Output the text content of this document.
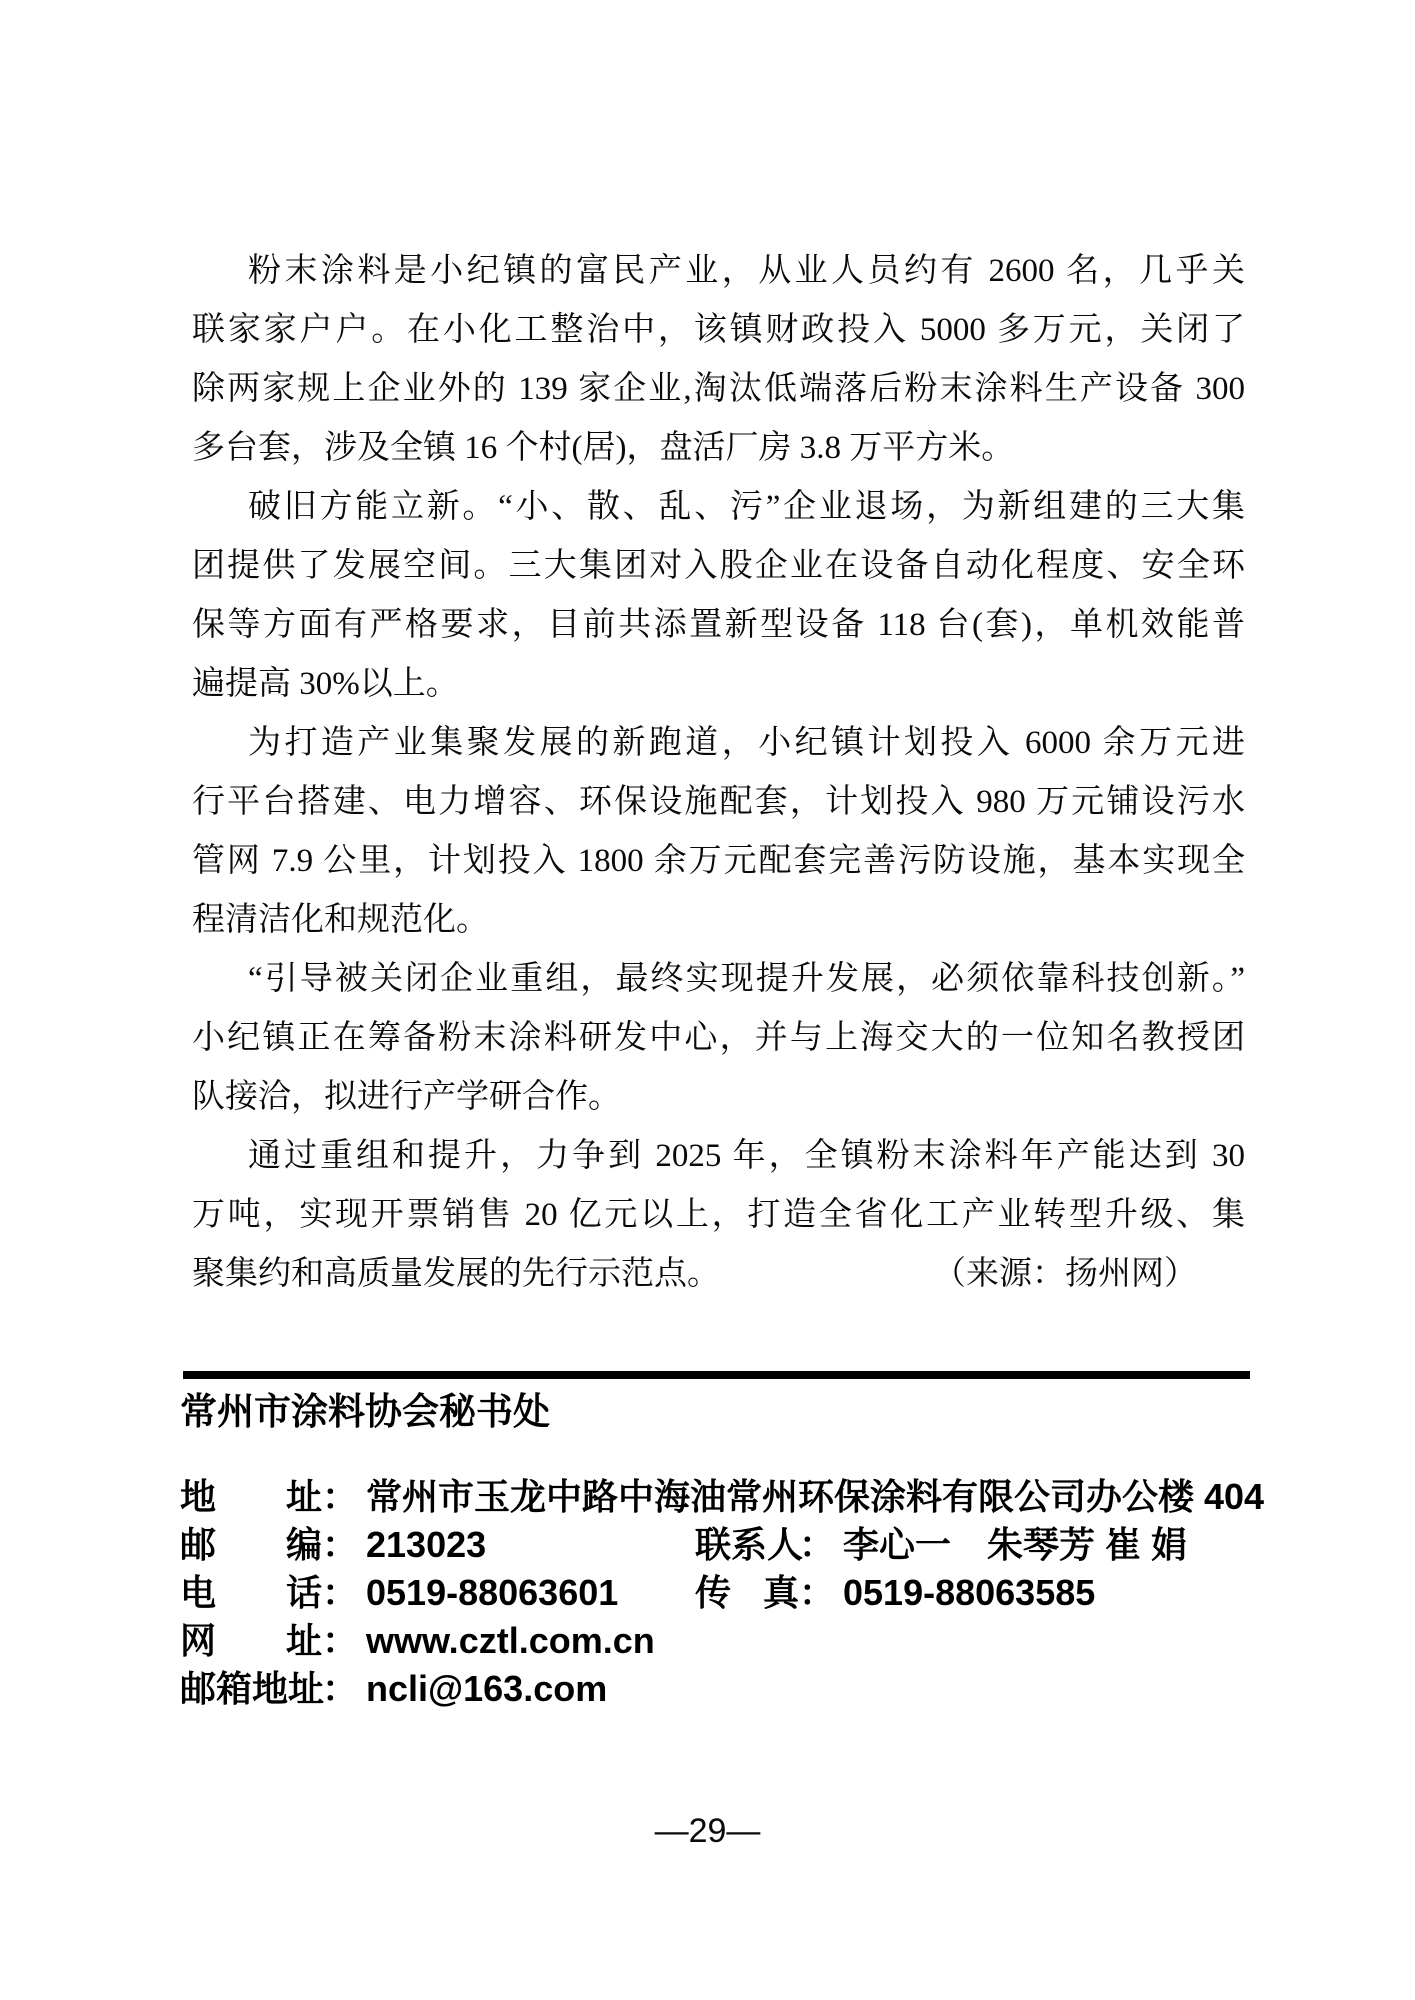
粉末涂料是小纪镇的富民产业，从业人员约有 2600 名，几乎关
联家家户户。在小化工整治中，该镇财政投入 5000 多万元，关闭了
除两家规上企业外的 139 家企业,淘汰低端落后粉末涂料生产设备 300
多台套，涉及全镇 16 个村(居)，盘活厂房 3.8 万平方米。
破旧方能立新。“小、散、乱、污”企业退场，为新组建的三大集
团提供了发展空间。三大集团对入股企业在设备自动化程度、安全环
保等方面有严格要求，目前共添置新型设备 118 台(套)，单机效能普
遍提高 30%以上。
为打造产业集聚发展的新跑道，小纪镇计划投入 6000 余万元进
行平台搭建、电力增容、环保设施配套，计划投入 980 万元铺设污水
管网 7.9 公里，计划投入 1800 余万元配套完善污防设施，基本实现全
程清洁化和规范化。
“引导被关闭企业重组，最终实现提升发展，必须依靠科技创新。”
小纪镇正在筹备粉末涂料研发中心，并与上海交大的一位知名教授团
队接洽，拟进行产学研合作。
通过重组和提升，力争到 2025 年，全镇粉末涂料年产能达到 30
万吨，实现开票销售 20 亿元以上，打造全省化工产业转型升级、集
聚集约和高质量发展的先行示范点。	（来源：扬州网）
常州市涂料协会秘书处
地 址 ： 常州市玉龙中路中海油常州环保涂料有限公司办公楼 404
邮 编 ： 213023	联 系 人
： 李心一　朱琴芳 崔 娟
电 话 ： 0519-88063601 传 真 ： 0519-88063585
网 址 ： www.cztl.com.cn
邮 箱 地 址
： ncli@163.com
—29—
